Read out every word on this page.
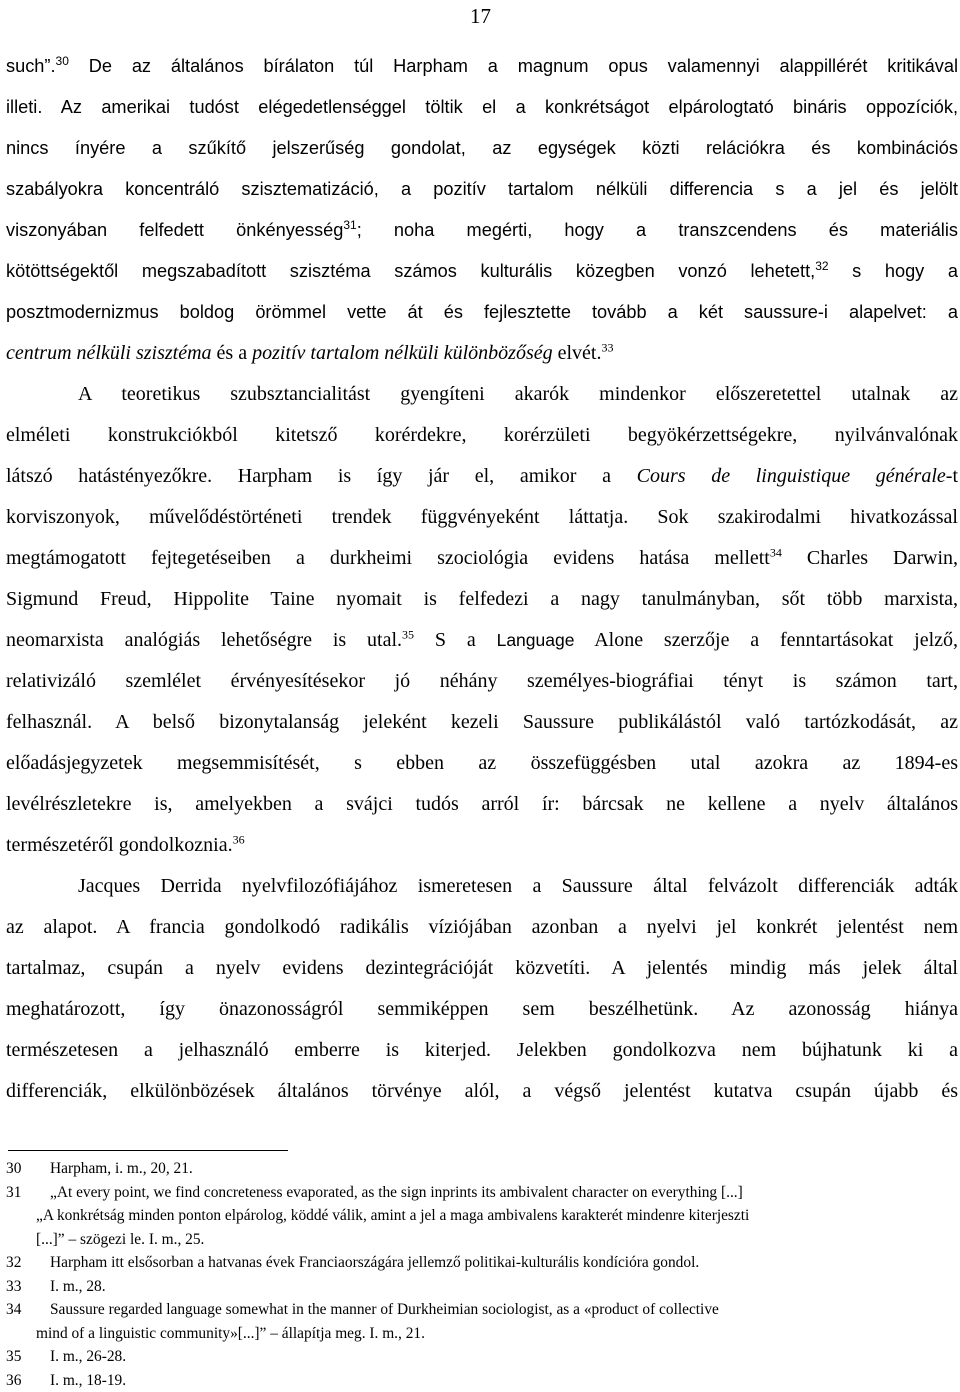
17
such”.$^{30}$ De az általános bírálaton túl Harpham a magnum opus valamennyi alappillérét kritikával
illeti. Az amerikai tudóst elégedetlenséggel töltik el a konkrétságot elpárologtató bináris oppozíciók,
nincs ínyére a szűkítő jelszerűség gondolat, az egységek közti relációkra és kombinációs
szabályokra koncentráló szisztematizáció, a pozitív tartalom nélküli differencia s a jel és jelölt
viszonyában felfedett önkényesség$^{31}$; noha megérti, hogy a transzcendens és materiális
kötöttségektől megszabadított szisztéma számos kulturális közegben vonzó lehetett,$^{32}$ s hogy a
posztmodernizmus boldog örömmel vette át és fejlesztette tovább a két saussure-i alapelvet: a
centrum nélküli szisztéma és a pozitív tartalom nélküli különbözőség elvét.$^{33}$
A teoretikus szubsztancialitást gyengíteni akarók mindenkor előszeretettel utalnak az
elméleti konstrukciókból kitetsző korérdekre, korérzületi begyökérzettségekre, nyilvánvalónak
látszó hatástényezőkre. Harpham is így jár el, amikor a Cours de linguistique générale-t
korviszonyok, művelődéstörténeti trendek függvényeként láttatja. Sok szakirodalmi hivatkozással
megtámogatott fejtegetéseiben a durkheimi szociológia evidens hatása mellett$^{34}$ Charles Darwin,
Sigmund Freud, Hippolite Taine nyomait is felfedezi a nagy tanulmányban, sőt több marxista,
neomarxista analógiás lehetőségre is utal.$^{35}$ S a Language Alone szerzője a fenntartásokat jelző,
relativizáló szemlélet érvényesítésekor jó néhány személyes-biográfiai tényt is számon tart,
felhasznál. A belső bizonytalanság jeleként kezeli Saussure publikálástól való tartózkodását, az
előadásjegyzetek megsemmisítését, s ebben az összefüggésben utal azokra az 1894-es
levélrészletekre is, amelyekben a svájci tudós arról ír: bárcsak ne kellene a nyelv általános
természetéről gondolkoznia.$^{36}$
Jacques Derrida nyelvfilozófiájához ismeretesen a Saussure által felvázolt differenciák adták
az alapot. A francia gondolkodó radikális víziójában azonban a nyelvi jel konkrét jelentést nem
tartalmaz, csupán a nyelv evidens dezintegrációját közvetíti. A jelentés mindig más jelek által
meghatározott, így önazonosságról semmiképpen sem beszélhetünk. Az azonosság hiánya
természetesen a jelhasználó emberre is kiterjed. Jelekben gondolkozva nem bújhatunk ki a
differenciák, elkülönbözések általános törvénye alól, a végső jelentést kutatva csupán újabb és
30 Harpham, i. m., 20, 21.
31 „At every point, we find concreteness evaporated, as the sign inprints its ambivalent character on everything [...]
„A konkrétság minden ponton elpárolog, köddé válik, amint a jel a maga ambivalens karakterét mindenre kiterjeszti
[...]” – szögezi le. I. m., 25.
32 Harpham itt elsősorban a hatvanas évek Franciaországára jellemző politikai-kulturális kondícióra gondol.
33 I. m., 28.
34 Saussure regarded language somewhat in the manner of Durkheimian sociologist, as a «product of collective
mind of a linguistic community»[...]” – állapítja meg. I. m., 21.
35 I. m., 26-28.
36 I. m., 18-19.
